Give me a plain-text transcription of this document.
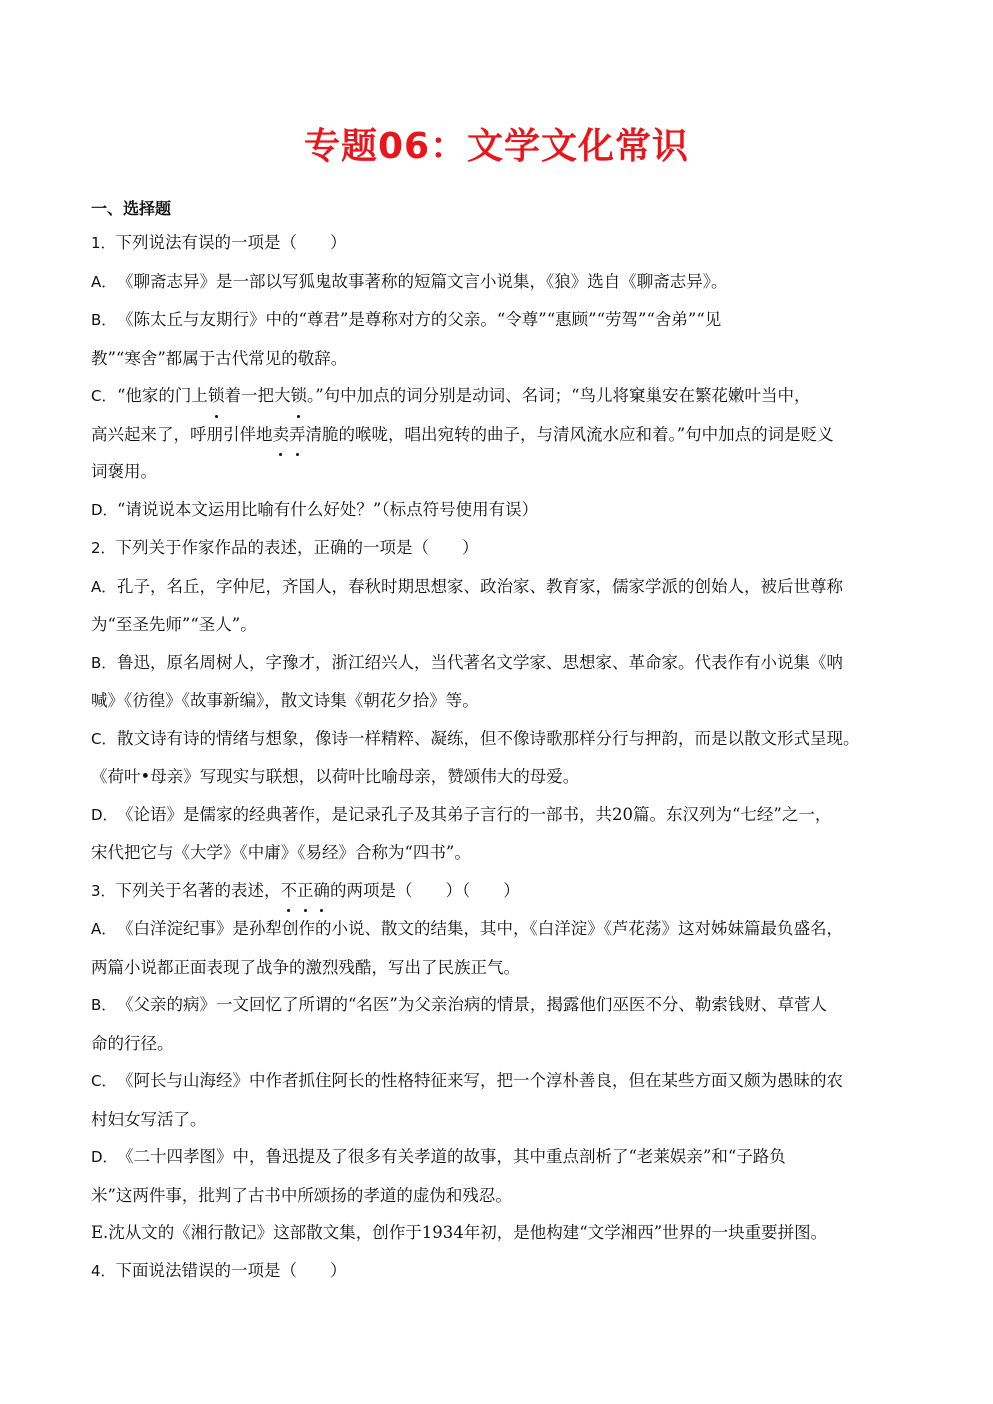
专题06：文学文化常识
一、选择题
1．下列说法有误的一项是（　　）
A．《聊斋志异》是一部以写狐鬼故事著称的短篇文言小说集，《狼》选自《聊斋志异》。
B．《陈太丘与友期行》中的“尊君”是尊称对方的父亲。“令尊”“惠顾”“劳驾”“舍弟”“见
教”“寒舍”都属于古代常见的敬辞。
C．“他家的门上锁着一把大锁。”句中加点的词分别是动词、名词；“鸟儿将窠巢安在繁花嫩叶当中，
高兴起来了，呼朋引伴地卖弄清脆的喉咙，唱出宛转的曲子，与清风流水应和着。”句中加点的词是贬义
词褒用。
D．“请说说本文运用比喻有什么好处？”（标点符号使用有误）
2．下列关于作家作品的表述，正确的一项是（　　）
A．孔子，名丘，字仲尼，齐国人，春秋时期思想家、政治家、教育家，儒家学派的创始人，被后世尊称
为“至圣先师”“圣人”。
B．鲁迅，原名周树人，字豫才，浙江绍兴人，当代著名文学家、思想家、革命家。代表作有小说集《呐
喊》《彷徨》《故事新编》，散文诗集《朝花夕拾》等。
C．散文诗有诗的情绪与想象，像诗一样精粹、凝练，但不像诗歌那样分行与押韵，而是以散文形式呈现。
《荷叶•母亲》写现实与联想，以荷叶比喻母亲，赞颂伟大的母爱。
D．《论语》是儒家的经典著作，是记录孔子及其弟子言行的一部书，共20篇。东汉列为“七经”之一，
宋代把它与《大学》《中庸》《易经》合称为“四书”。
3．下列关于名著的表述，不正确的两项是（　　）（　　）
A．《白洋淀纪事》是孙犁创作的小说、散文的结集，其中，《白洋淀》《芦花荡》这对姊妹篇最负盛名，
两篇小说都正面表现了战争的激烈残酷，写出了民族正气。
B．《父亲的病》一文回忆了所谓的“名医”为父亲治病的情景，揭露他们巫医不分、勒索钱财、草菅人
命的行径。
C．《阿长与山海经》中作者抓住阿长的性格特征来写，把一个淳朴善良，但在某些方面又颇为愚昧的农
村妇女写活了。
D．《二十四孝图》中，鲁迅提及了很多有关孝道的故事，其中重点剖析了“老莱娱亲”和“子路负
米”这两件事，批判了古书中所颂扬的孝道的虚伪和残忍。
E.沈从文的《湘行散记》这部散文集，创作于1934年初，是他构建“文学湘西”世界的一块重要拼图。
4．下面说法错误的一项是（　　）
